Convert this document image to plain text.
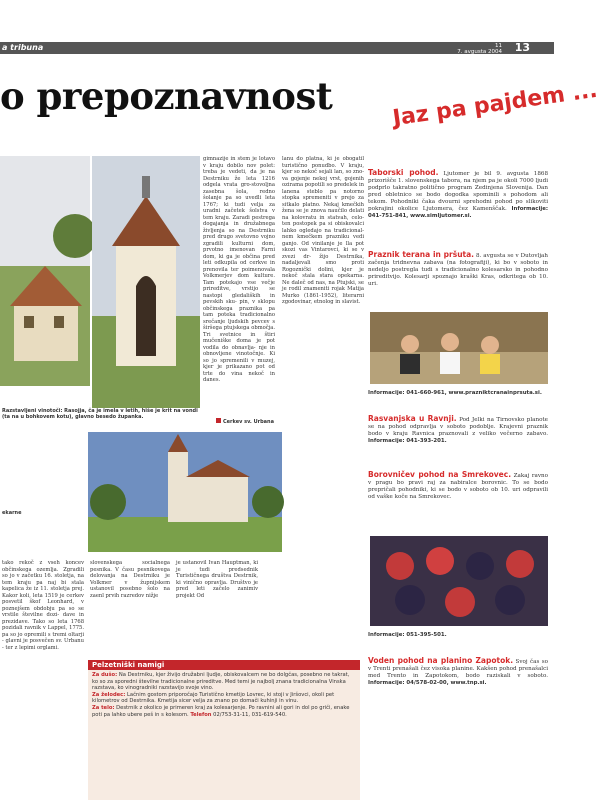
a tribuna	11
7. avgusta 2004 13
o prepoznavnost
Razstavljeni vinotoči: Rasojja, ča je imela v letih, hiše je krit na vondi (ta na u bohkovem kotu), glavno besedo županka.
gimnazije in stem je lotavo v kraju dobilo nov polet: treba je vedeti, da je na Destrniku že leta 1216 odgela vrata gro-stovoljna zasebna šola, redno šolanje pa so uvedli leta 1767; ki tudi velja za uradni začetek šolstva v tem kraju. Zaradi pestrega dogajanja in družabnega življenja so na Destrniku pred drugo svetovno vojno zgradili kulturni dom, prvotno imenovan Farni dom, ki ga je občina pred leti odkupila od cerkve in prenovila ter poimenovala Volkmerjev dom kulture. Tam potekajo vse večje prireditve, vrstijo se nastopi gledaliških in pevskih sku- pin, v sklopu občinskega praznika pa tam poteka tradicionalno srečanje ljudskih pevcev s širšega ptujskega območja. Tri svetnice in štiri mučeniške doma je pot vodila do obnavlja- nje in obnovljene vinotočnje. Ki so jo spremenili v muzej, kjer je prikazano pot od trte do vina nekoč in danes.
lanu do platna, ki je obogatil turistično ponudbo. V kraju, kjer so nekoč sejali lan, so zno- va gojenje nekoj vrst, gojenih ozirama popotili so predelek in lanena steblo pa notorno stopka spremeniti v prejo za sitkalo platno. Nekaj kmečkih žena se je znova naučilo delati na kolovratu in statvah, celo- ten postopek pa si obiskovalci lahko ogledajo na tradicional- nem kmečkem prazniku vedi ganjo. Od vinilanje je lla pot skozi vas Vintarovci, ki se v zvezi dr- žijo Destrnika, nadaljevali smo proti Rogoznički dolini, kjer je nekoč stala stara opekarna. Ne daleč od nas, na Ptujski, se je rodil znameniti rojak Matija Murko (1861-1952), literarni zgodovinar, etnolog in slavist.
Cerkev sv. Urbana
ekarne
tako rekoč z vseh koncev občinskega ozemlja. Zgradili so jo v začetku 16. stoletja, na tem kraju pa naj bi stala kapelica že iz 11. stoletja prej. Kakor koli, leta 1519 je cerkev posvetil škof Leonhard, v poznejšem obdobju pa so se vrstile številne dozi- dave in prezidave. Tako so leta 1768 pozidali ravnik v Lappel, 1775. pa so jo opremili s tremi oltarji - glavni je posvečen sv. Urbanu - ter z lepimi orglami.
slovenskega socialnega pesnika. V času pesnikovega delovanja na Destrniku je Volkmer v župnijskem ustanovil posebno šolo na zaenl prvih razredov nižje
je ustanovil Ivan Hauptman, ki je tudi predsednik Turističnega društva Destrnik, ki vinično opravlja. Društvo je pred leti začelo zanimiv projekt Od
Pelzetniški namigi

Za dušo: Na Destrniku, kjer živijo družabni ljudje, obiskovalcem ne bo dolgčas, posebno ne takrat, ko so za sporedni številne tradicionalne prireditve. Med temi je najbolj znana tradicionalna Vinska razstava, ko vinogradniki razstavijo svoje vino.

Za želodec: Lačnim gostom priporočajo Turistično kmetijo Lovrec, ki stoji v Jiršovci, okoli pet kilometrov od Destrnika. Kmetija sicer velja za znano po domači kuhinji in vinu.

Za telo: Destrnik z okolico je primeren kraj za kolesarjenje. Po ravnini ali gori in dol po griči, enake poti pa lahko ubere peš in s kolesom. Telefon 02/753-31-11, 031-619-540.

Jaz pa pajdem ...
Taborski pohod. Ljutomer je bil 9. avgusta 1868 prizorišče 1. slovenskega tabora, na njem pa je okoli 7000 ljudi podprlo takratno politično program Zedinjena Slovenija. Dan pred obletnico se bodo dogodka spominili s pohodom ali tekom. Pohodniki čaka dvourni sprehodni pohod po slikoviti pokrajini okolice Ljutomera, čez Kamenščak. Informacije: 041-751-841, www.simljutomer.si.
Praznik terana in pršuta. 8. avgusta se v Dutovljah začenja tridnevna zabava (na fotografiji), ki bo v soboto in nedeljo postregla tudi s tradicionalno kolesarsko in pohodno prireditvijo. Kolesarji spoznajo kraški Kras, odkritega ob 10. uri.
Informacije: 041-660-961, www.prazniktcranainprsuta.si.
Rasvanjska u Ravnji. Pod Jelki na Tirnovsko planote se na pohod odpravlja v soboto podoblje. Krajevni praznik bodo v kraju Ravnica praznovali z veliko večerno zabavo. Informacije: 041-393-201.
Borovničev pohod na Smrekovec. Zakaj ravno v pragu bo pravi raj za nabiralce borovnic. To se bodo prepričali pohodniki, ki se bodo v soboto ob 10. uri odpravili od vaške koče na Smrekovec.
Informacije: 051-395-501.
Voden pohod na planino Zapotok. Svoj čas so v Trenti prenašali čez visoka planine. Kakšen pohod prenašalci med Trento in Zapotokom, bodo raziskali v soboto. Informacije: 04/578-02-00, www.tnp.si.
